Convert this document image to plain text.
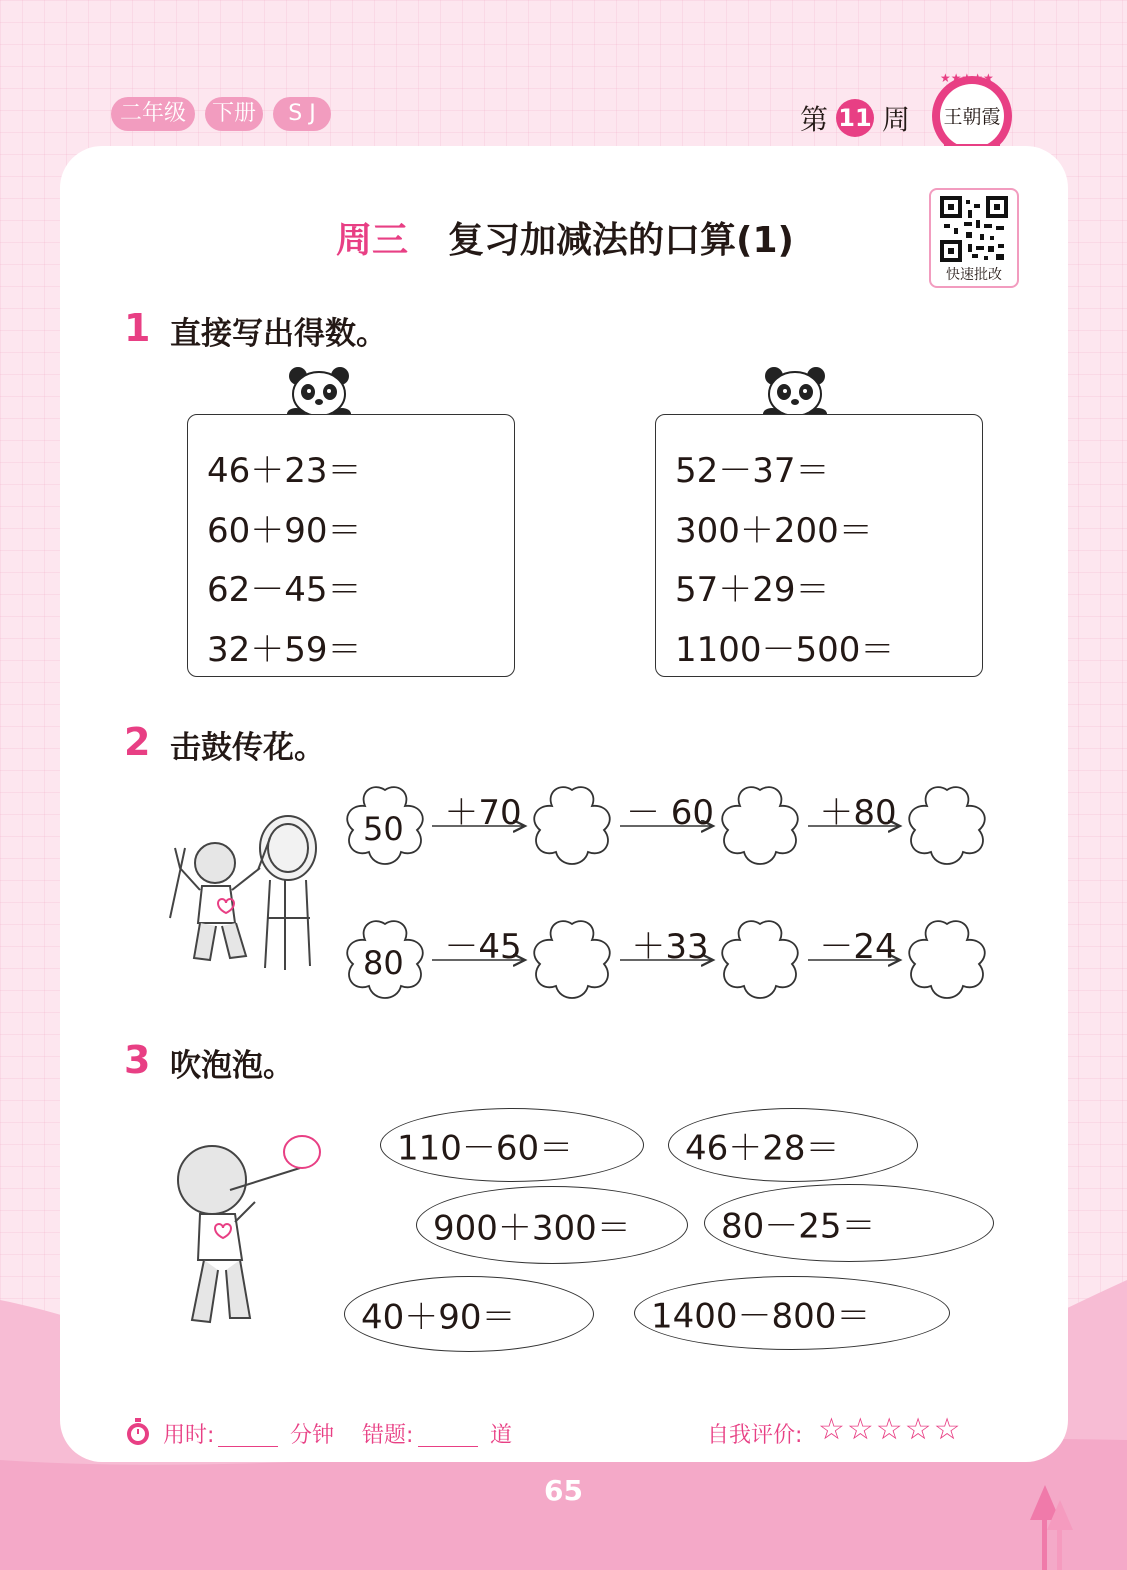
二年级	下册	S J	第 11 周
★★★★★
王朝霞
周三 复习加减法的口算(1)
快速批改
1 直接写出得数。
46＋23＝
60＋90＝
62－45＝
32＋59＝
52－37＝
300＋200＝
57＋29＝
1100－500＝
2 击鼓传花。
50	＋70	－ 60	＋80
80	－45	＋33	－24
3 吹泡泡。
110－60＝	46＋28＝
900＋300＝	80－25＝
40＋90＝	1400－800＝
用时:	分钟 错题:	道	自我评价: ☆☆☆☆☆
65
